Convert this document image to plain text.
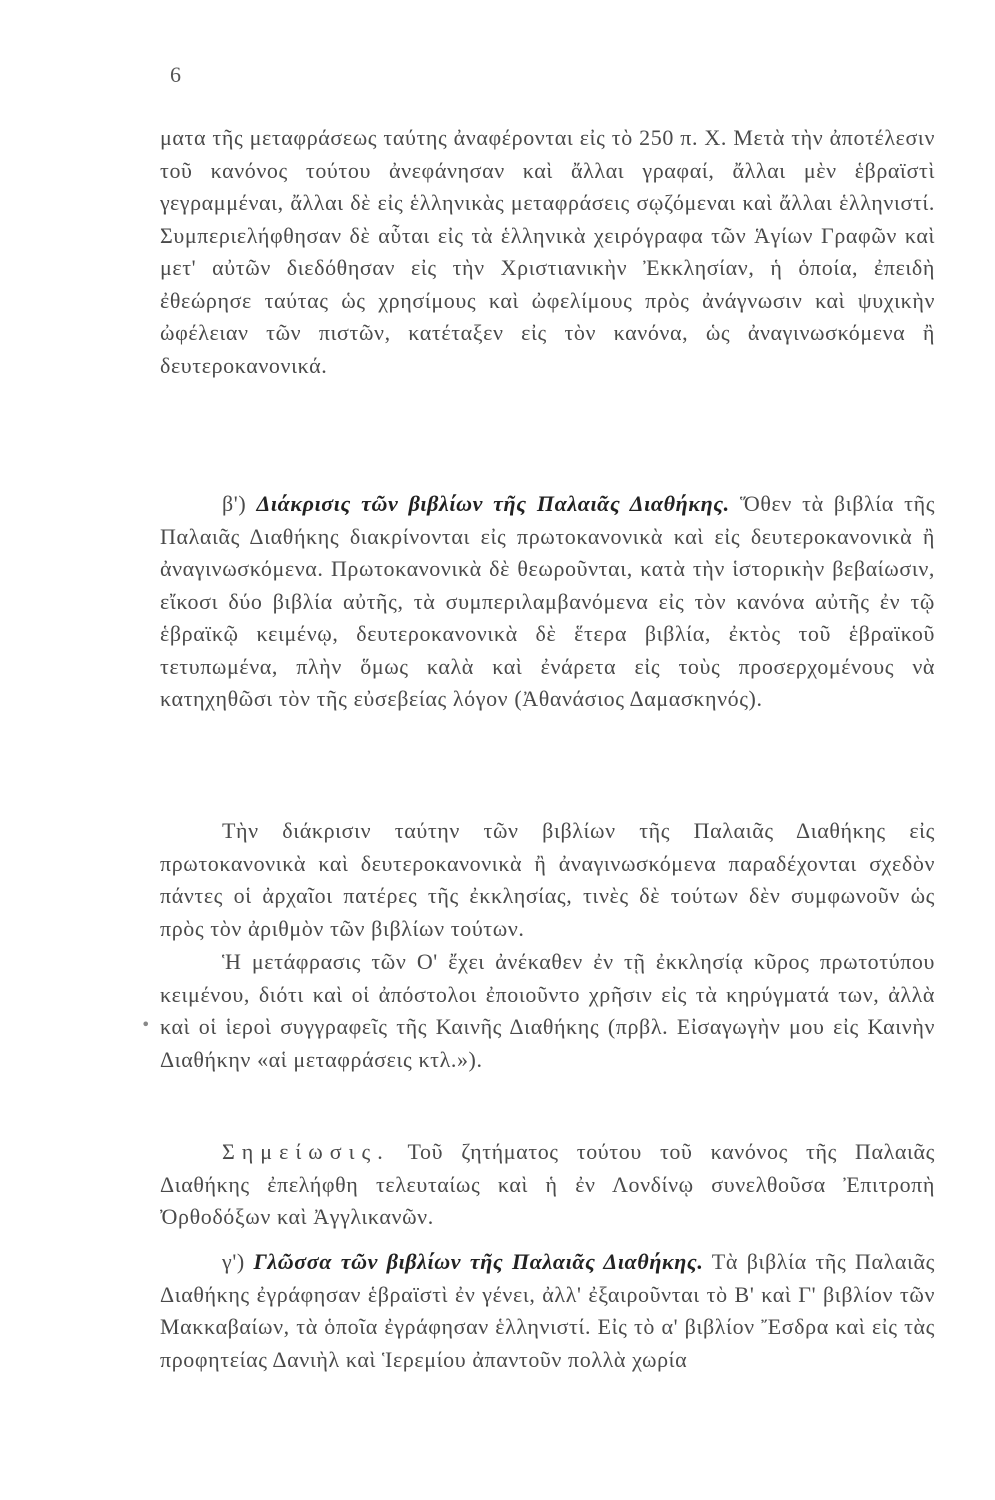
6

ματα τῆς μεταφράσεως ταύτης ἀναφέρονται εἰς τὸ 250 π. Χ. Μετὰ τὴν ἀποτέλεσιν τοῦ κανόνος τούτου ἀνεφάνησαν καὶ ἄλλαι γραφαί, ἄλλαι μὲν ἑβραϊστὶ γεγραμμέναι, ἄλλαι δὲ εἰς ἑλληνικὰς μεταφράσεις σῳζόμεναι καὶ ἄλλαι ἑλληνιστί. Συμπεριελήφθησαν δὲ αὗται εἰς τὰ ἑλληνικὰ χειρόγραφα τῶν Ἁγίων Γραφῶν καὶ μετ' αὐτῶν διεδόθησαν εἰς τὴν Χριστιανικὴν Ἐκκλησίαν, ἡ ὁποία, ἐπειδὴ ἐθεώρησε ταύτας ὡς χρησίμους καὶ ὠφελίμους πρὸς ἀνάγνωσιν καὶ ψυχικὴν ὠφέλειαν τῶν πιστῶν, κατέταξεν εἰς τὸν κανόνα, ὡς ἀναγινωσκόμενα ἢ δευτεροκανονικά.

β') Διάκρισις τῶν βιβλίων τῆς Παλαιᾶς Διαθήκης. Ὅθεν τὰ βιβλία τῆς Παλαιᾶς Διαθήκης διακρίνονται εἰς πρωτοκανονικὰ καὶ εἰς δευτεροκανονικὰ ἢ ἀναγινωσκόμενα. Πρωτοκανονικὰ δὲ θεωροῦνται, κατὰ τὴν ἱστορικὴν βεβαίωσιν, εἴκοσι δύο βιβλία αὐτῆς, τὰ συμπεριλαμβανόμενα εἰς τὸν κανόνα αὐτῆς ἐν τῷ ἑβραϊκῷ κειμένῳ, δευτεροκανονικὰ δὲ ἕτερα βιβλία, ἐκτὸς τοῦ ἑβραϊκοῦ τετυπωμένα, πλὴν ὅμως καλὰ καὶ ἐνάρετα εἰς τοὺς προσερχομένους νὰ κατηχηθῶσι τὸν τῆς εὐσεβείας λόγον (Ἀθανάσιος Δαμασκηνός).

Τὴν διάκρισιν ταύτην τῶν βιβλίων τῆς Παλαιᾶς Διαθήκης εἰς πρωτοκανονικὰ καὶ δευτεροκανονικὰ ἢ ἀναγινωσκόμενα παραδέχονται σχεδὸν πάντες οἱ ἀρχαῖοι πατέρες τῆς ἐκκλησίας, τινὲς δὲ τούτων δὲν συμφωνοῦν ὡς πρὸς τὸν ἀριθμὸν τῶν βιβλίων τούτων.

Ἡ μετάφρασις τῶν Ο' ἔχει ἀνέκαθεν ἐν τῇ ἐκκλησίᾳ κῦρος πρωτοτύπου κειμένου, διότι καὶ οἱ ἀπόστολοι ἐποιοῦντο χρῆσιν εἰς τὰ κηρύγματά των, ἀλλὰ καὶ οἱ ἱεροὶ συγγραφεῖς τῆς Καινῆς Διαθήκης (πρβλ. Εἰσαγωγὴν μου εἰς Καινὴν Διαθήκην «αἱ μεταφράσεις κτλ.»).

•

Σημείωσις. Τοῦ ζητήματος τούτου τοῦ κανόνος τῆς Παλαιᾶς Διαθήκης ἐπελήφθη τελευταίως καὶ ἡ ἐν Λονδίνῳ συνελθοῦσα Ἐπιτροπὴ Ὀρθοδόξων καὶ Ἀγγλικανῶν.

γ') Γλῶσσα τῶν βιβλίων τῆς Παλαιᾶς Διαθήκης. Τὰ βιβλία τῆς Παλαιᾶς Διαθήκης ἐγράφησαν ἑβραϊστὶ ἐν γένει, ἀλλ' ἐξαιροῦνται τὸ Β' καὶ Γ' βιβλίον τῶν Μακκαβαίων, τὰ ὁποῖα ἐγράφησαν ἑλληνιστί. Εἰς τὸ α' βιβλίον Ἔσδρα καὶ εἰς τὰς προφητείας Δανιὴλ καὶ Ἱερεμίου ἀπαντοῦν πολλὰ χωρία
